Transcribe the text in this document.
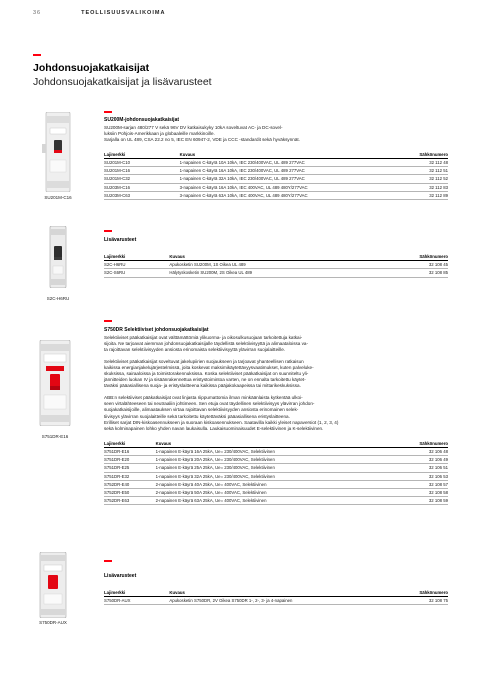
36	TEOLLISUUSVALIKOIMA
Johdonsuojakatkaisijat
Johdonsuojakatkaisijat ja lisävarusteet
SU201M-C16
SU200M-johdonsuojakatkaisijat
SU200M-sarjan 480/277 V sekä 96V DV katkaisukyky 10kA soveltuvat AC- ja DC-sovel-
luksiin Pohjois-Amerikkaan ja globaaleille markkinoille.
Sarjalla on UL 489, CSA 22.2 no 5, IEC EN 60947-2, VDE ja CCC -standardit sekä hyväksynnät.
Lajimerkki	Kuvaus	Sähkönumero
SU201M-C10	1-napainen C-käyrä 10A 10kA, IEC 230/400VAC, UL 489 277VAC	32 112 48
SU201M-C16	1-napainen C-käyrä 16A 10kA, IEC 230/400VAC, UL 489 277VAC	32 112 51
SU201M-C32	1-napainen C-käyrä 32A 10kA, IEC 230/400VAC, UL 489 277VAC	32 112 52
SU203M-C16	3-napainen C-käyrä 16A 10kA, IEC 400VAC, UL 489 480Y/277VAC	32 112 83
SU203M-C63	3-napainen C-käyrä 63A 10kA, IEC 400VAC, UL 489 480Y/277VAC	32 112 89
S2C-H6RU
Lisävarusteet
Lajimerkki	Kuvaus	Sähkönumero
S2C-H6RU	Apukosketin SU200M, 1S Oikea UL 489	32 108 45
S2C-S6RU	Hälytyskosketin SU200M, 2S Oikea UL 489	32 108 85
S751DR-E16
S750DR Selektiiviset johdonsuojakatkaisijat

Selektiiviset pääkatkaisijat ovat välttämättömiä ylikuorma- ja oikosulkusuojaan tarkoitettuja katkai-
sijoita. Ne tarjoavat aiemman johdonsuojakatkaisijalle täydellistä selektiivisyyttä ja alimaataloissa va-
ta rajoittavan selektiivisyyden ansiosta erinomaista selektiivisyyttä ylävirran suojalaitteille.

Selektiiviset pääkatkaisijat soveltuvat jakelupiirien suojaukseen ja tarjoavat yhanteellisen ratkaisun
kaikissa energianjakelujärjestelmissä, joita koskevat maksimikäytettävyysvaatimukset, kuten palveluke-
skuksissa, sairaaloissa ja toimistorakennuksissa. Koska selektiiviset pääkatkaisijat on suunniteltu yli-
jännitteiden luokan IV ja sisäänrakennettua eristystoimintoa varten, ne on ennalta tarkoitettu käytet-
täväksi pääasiallisena suoja- ja eristyslaitteena kaikissa pääjakokaapeissa tai mittarikeskuksissa.

ABB:n selektiiviset pääkatkaisijat ovat linjasta riippumattomia ilman minkäänlaista kytkentää ulkoi-
seen virtalähteeseen tai neutraaliin johtimeen. Sen etuja ovat täydellinen selektiivisyys ylävirran johdon-
suojakatkaisijoille, alimaatauksen virtaa rajoittavan selektiivisyyden ansiosta erinomainen selek-
tiivisyys ylävirran suojalaitteille sekä tarkoitettu käytettäväksi pääasiallisena eristyslaitteena.
Erilliset sarjat DIN-kiskoasennukseen ja suoraan kiskoasennukseen. Saatavilla kaikki yleiset napaversiot (1, 2, 3, 4)
sekä kolminapainen lohko yhden navan laukaisulla. Laukaisuominaisuudet E-selektiivinen ja K-selektiivinen.

Lajimerkki	Kuvaus	Sähkönumero
S751DR-E16	1-napainen E-käyrä 16A 25kA, Ue= 230/400VAC, Selektiivinen	32 106 48
S751DR-E20	1-napainen E-käyrä 20A 25kA, Ue= 230/400VAC, Selektiivinen	32 106 49
S751DR-E25	1-napainen E-käyrä 25A 25kA, Ue= 230/400VAC, Selektiivinen	32 106 51
S751DR-E32	1-napainen E-käyrä 32A 25kA, Ue= 230/400VAC, Selektiivinen	32 106 53
S752DR-E40	2-napainen E-käyrä 40A 25kA, Ue= 400VAC, Selektiivinen	32 108 57
S752DR-E50	2-napainen E-käyrä 50A 25kA, Ue= 400VAC, Selektiivinen	32 108 58
S752DR-E63	2-napainen E-käyrä 63A 25kA, Ue= 400VAC, Selektiivinen	32 108 59
S750DR-AUX
Lisävarusteet
Lajimerkki	Kuvaus	Sähkönumero
S750DR-AUX	Apukosketin S750DR, 2V Oikea S750DR 1-, 2-, 3- ja 4-napainen	32 108 75
